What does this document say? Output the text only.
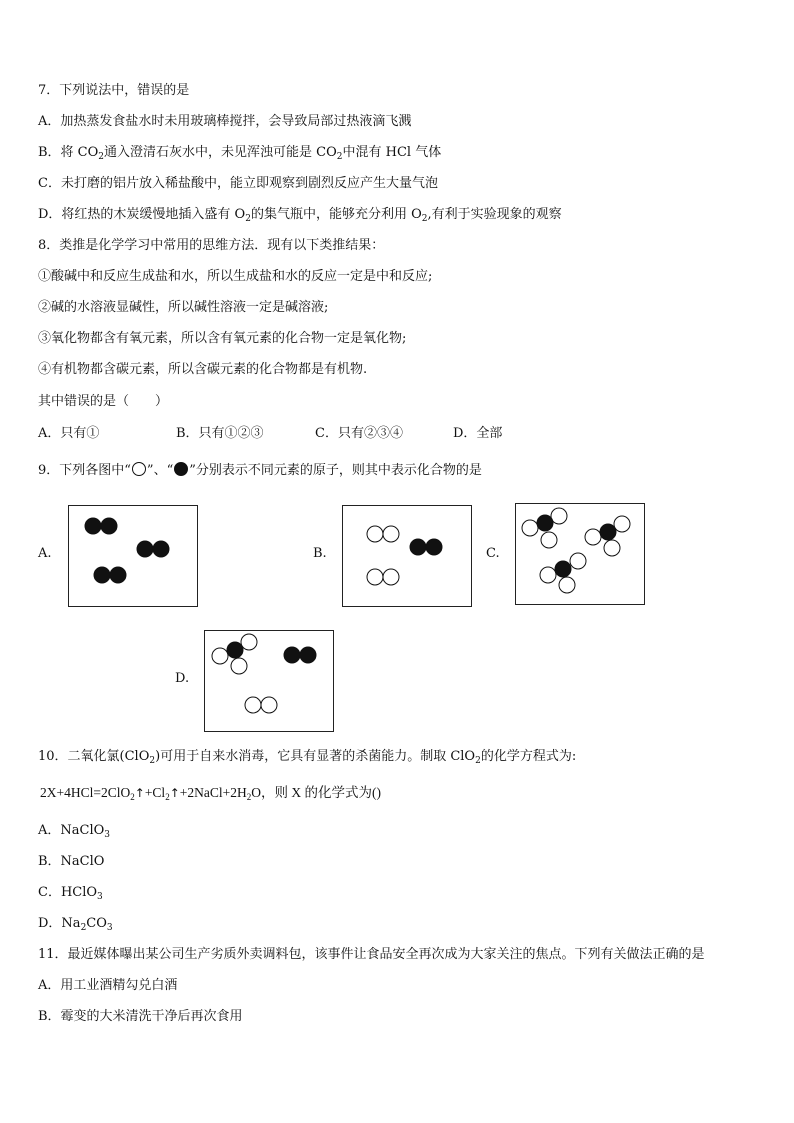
7．下列说法中，错误的是
A．加热蒸发食盐水时未用玻璃棒搅拌，会导致局部过热液滴飞溅
B．将 $CO_2$通入澄清石灰水中，未见浑浊可能是 $CO_2$中混有 HCl 气体
C．未打磨的铝片放入稀盐酸中，能立即观察到剧烈反应产生大量气泡
D．将红热的木炭缓慢地插入盛有 $O_2$的集气瓶中，能够充分利用 $O_2$,有利于实验现象的观察
8．类推是化学学习中常用的思维方法．现有以下类推结果：
①酸碱中和反应生成盐和水，所以生成盐和水的反应一定是中和反应;
②碱的水溶液显碱性，所以碱性溶液一定是碱溶液;
③氧化物都含有氧元素，所以含有氧元素的化合物一定是氧化物;
④有机物都含碳元素，所以含碳元素的化合物都是有机物.
其中错误的是（　　）
A．只有①	B．只有①②③	C．只有②③④	D．全部
9．下列各图中“ ”、“ ”分别表示不同元素的原子，则其中表示化合物的是
A.	B.	C.
D.
10．二氧化氯(ClO$_2$)可用于自来水消毒，它具有显著的杀菌能力。制取 ClO$_2$的化学方程式为:
$2X+4HCl=2ClO_2↑+Cl_2↑+2NaCl+2H_2O$，则 X 的化学式为()
A．NaClO$_3$
B．NaClO
C．HClO$_3$
D．$Na_2CO_3$
11．最近媒体曝出某公司生产劣质外卖调料包，该事件让食品安全再次成为大家关注的焦点。下列有关做法正确的是
A．用工业酒精勾兑白酒
B．霉变的大米清洗干净后再次食用
